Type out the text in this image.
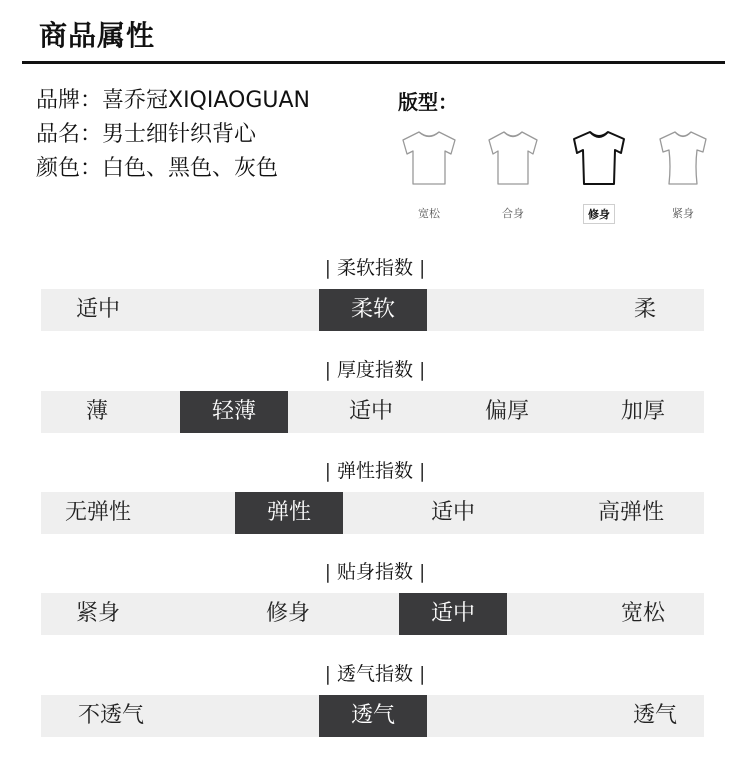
商品属性
品牌：喜乔冠XIQIAOGUAN
品名：男士细针织背心
颜色：白色、黑色、灰色
版型：
宽松	合身	修身	紧身
| 柔软指数 |
适中	柔软	柔
| 厚度指数 |
薄	轻薄	适中	偏厚	加厚
| 弹性指数 |
无弹性	弹性	适中	高弹性
| 贴身指数 |
紧身	修身	适中	宽松
| 透气指数 |
不透气	透气	透气
